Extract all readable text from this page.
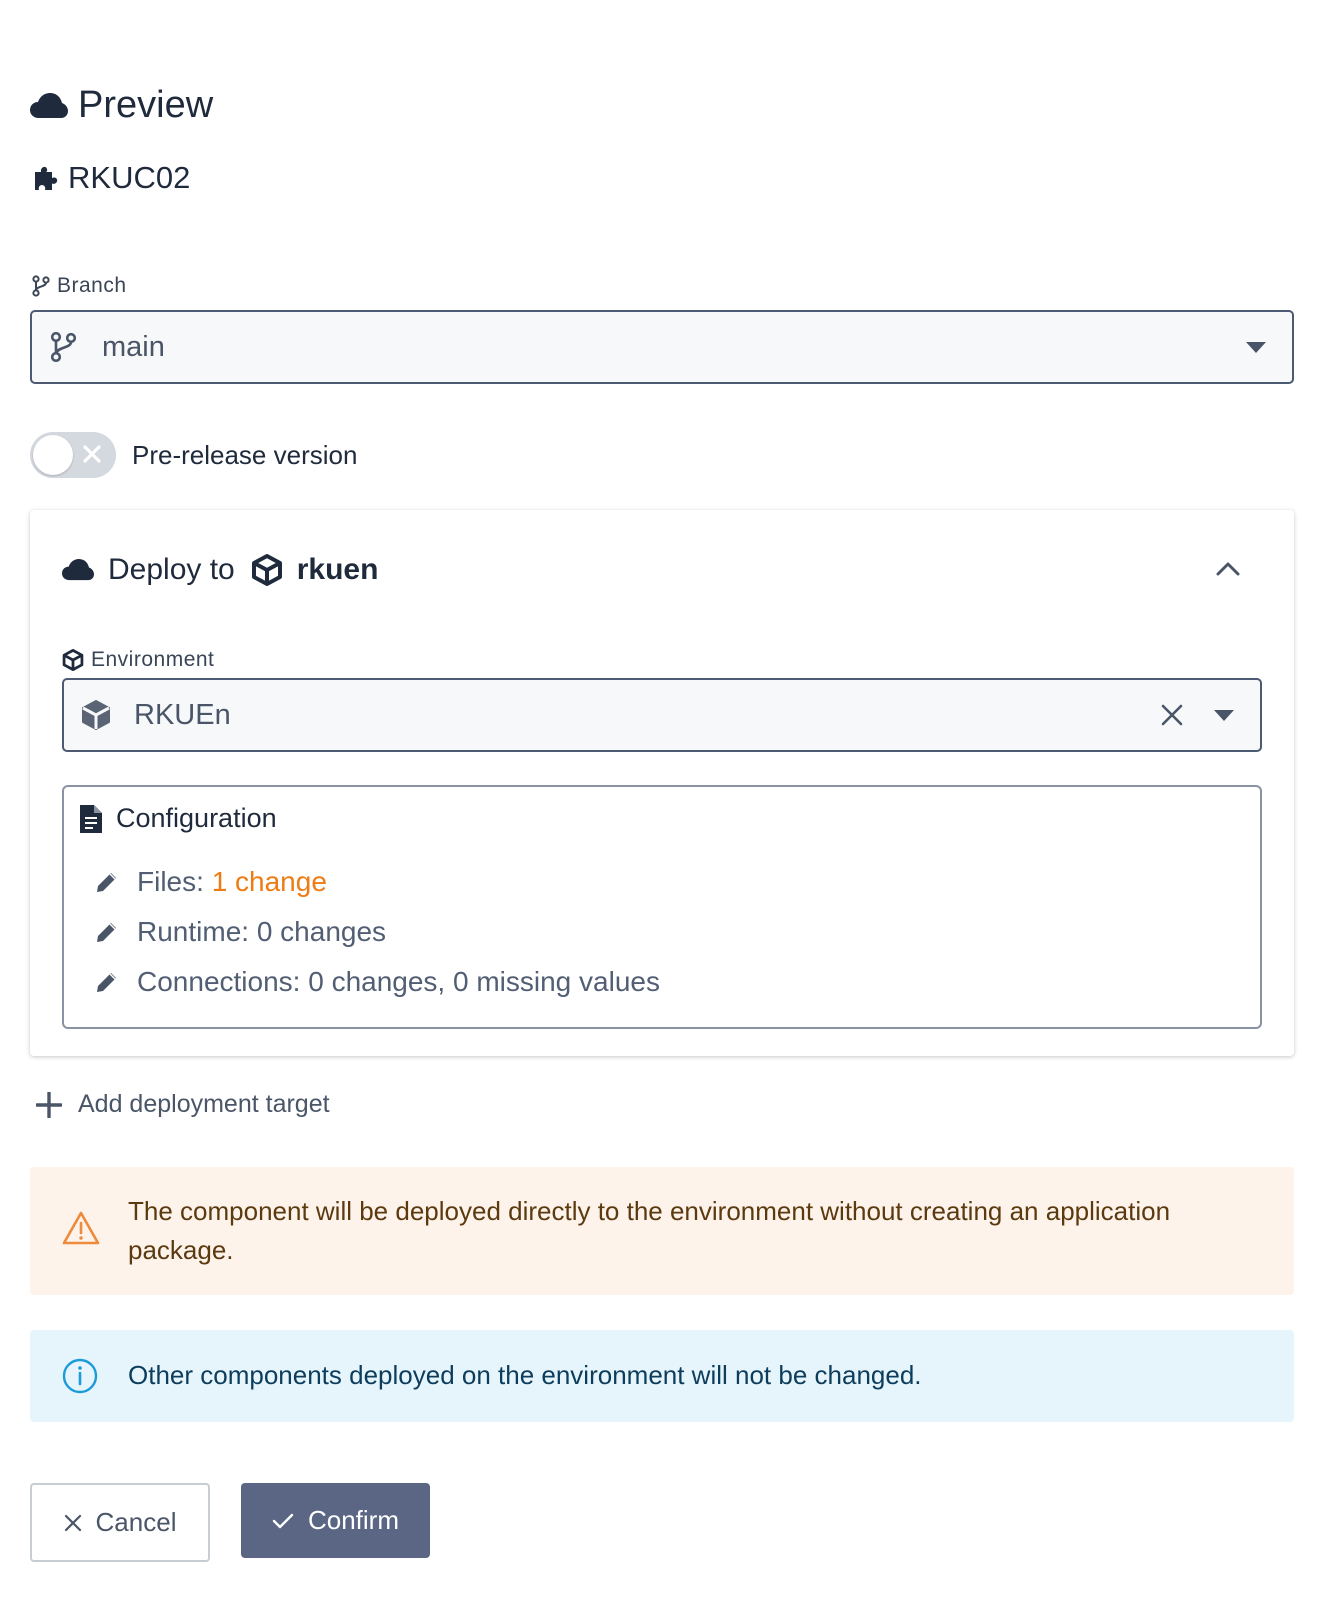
Preview
RKUC02
Branch
main
Pre-release version
Deploy to rkuen
Environment
RKUEn
Configuration
Files: 1 change
Runtime: 0 changes
Connections: 0 changes, 0 missing values
Add deployment target
The component will be deployed directly to the environment without creating an application package.
Other components deployed on the environment will not be changed.
Cancel	Confirm
